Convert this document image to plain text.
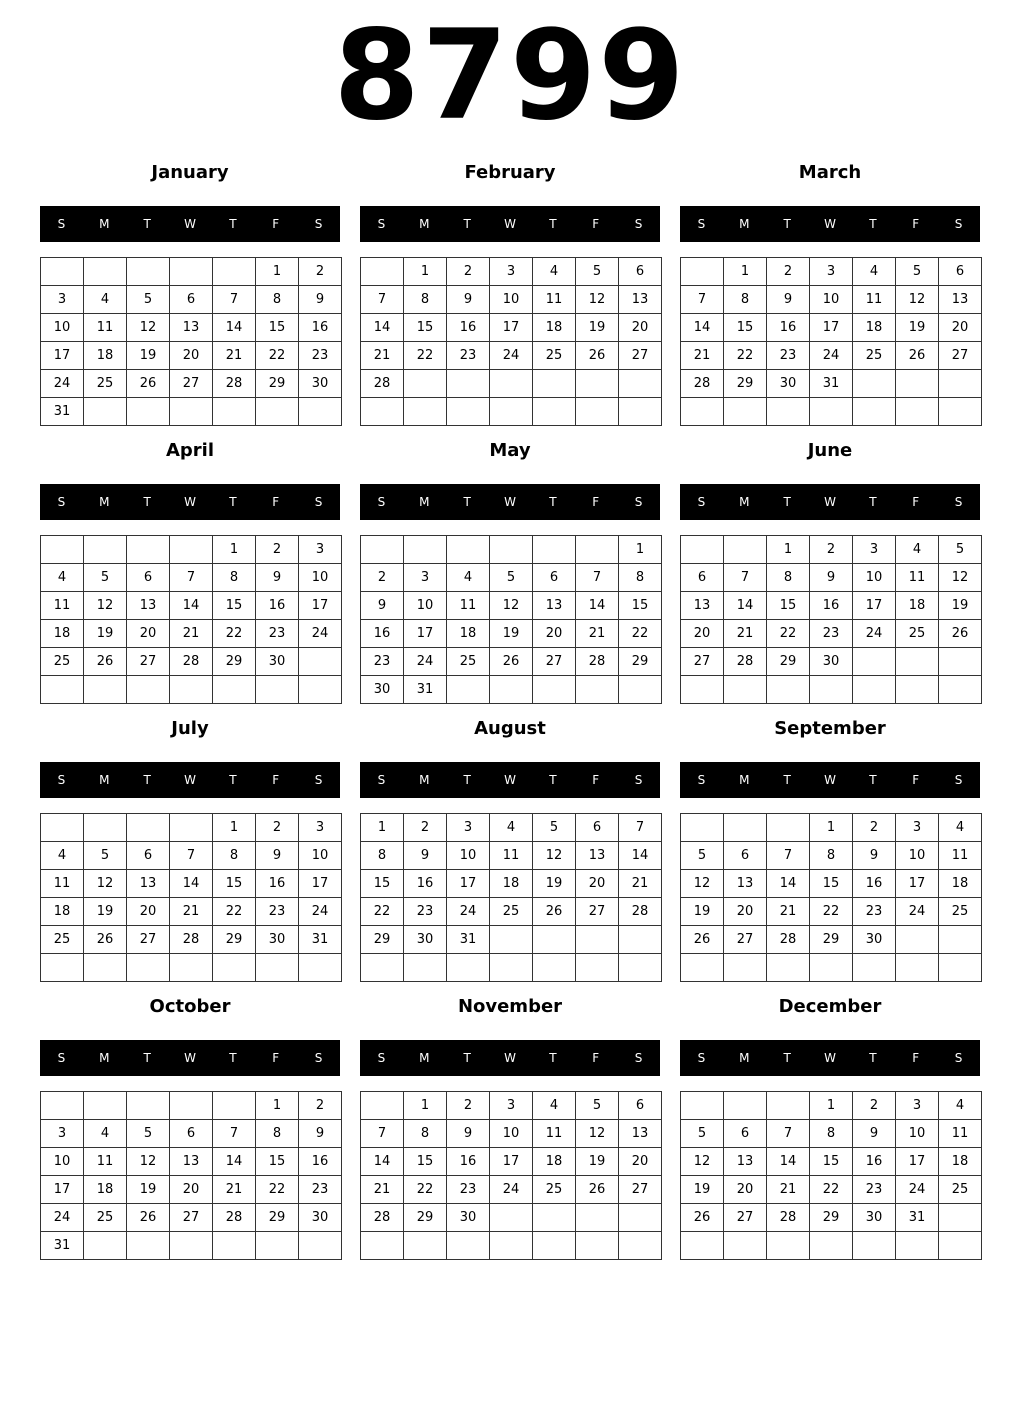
8799
January
S	M	T	W	T	F	S
					1	2
3	4	5	6	7	8	9
10	11	12	13	14	15	16
17	18	19	20	21	22	23
24	25	26	27	28	29	30
31						
February
S	M	T	W	T	F	S
	1	2	3	4	5	6
7	8	9	10	11	12	13
14	15	16	17	18	19	20
21	22	23	24	25	26	27
28						

March
S	M	T	W	T	F	S
	1	2	3	4	5	6
7	8	9	10	11	12	13
14	15	16	17	18	19	20
21	22	23	24	25	26	27
28	29	30	31			

April
S	M	T	W	T	F	S
				1	2	3
4	5	6	7	8	9	10
11	12	13	14	15	16	17
18	19	20	21	22	23	24
25	26	27	28	29	30	

May
S	M	T	W	T	F	S
						1
2	3	4	5	6	7	8
9	10	11	12	13	14	15
16	17	18	19	20	21	22
23	24	25	26	27	28	29
30	31					
June
S	M	T	W	T	F	S
		1	2	3	4	5
6	7	8	9	10	11	12
13	14	15	16	17	18	19
20	21	22	23	24	25	26
27	28	29	30			

July
S	M	T	W	T	F	S
				1	2	3
4	5	6	7	8	9	10
11	12	13	14	15	16	17
18	19	20	21	22	23	24
25	26	27	28	29	30	31

August
S	M	T	W	T	F	S
1	2	3	4	5	6	7
8	9	10	11	12	13	14
15	16	17	18	19	20	21
22	23	24	25	26	27	28
29	30	31				

September
S	M	T	W	T	F	S
			1	2	3	4
5	6	7	8	9	10	11
12	13	14	15	16	17	18
19	20	21	22	23	24	25
26	27	28	29	30		

October
S	M	T	W	T	F	S
					1	2
3	4	5	6	7	8	9
10	11	12	13	14	15	16
17	18	19	20	21	22	23
24	25	26	27	28	29	30
31						
November
S	M	T	W	T	F	S
	1	2	3	4	5	6
7	8	9	10	11	12	13
14	15	16	17	18	19	20
21	22	23	24	25	26	27
28	29	30				

December
S	M	T	W	T	F	S
			1	2	3	4
5	6	7	8	9	10	11
12	13	14	15	16	17	18
19	20	21	22	23	24	25
26	27	28	29	30	31	
